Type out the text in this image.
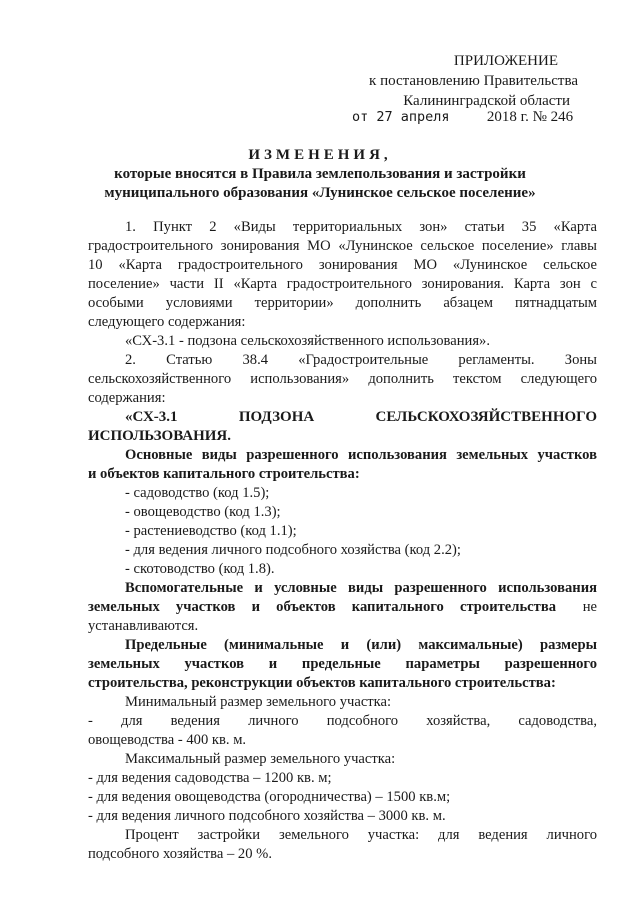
ПРИЛОЖЕНИЕ
к постановлению Правительства
Калининградской области
от 27 апреля 2018 г. № 246
ИЗМЕНЕНИЯ,
которые вносятся в Правила землепользования и застройки
муниципального образования «Лунинское сельское поселение»
1. Пункт 2 «Виды территориальных зон» статьи 35 «Карта
градостроительного зонирования МО «Лунинское сельское поселение» главы
10 «Карта градостроительного зонирования МО «Лунинское сельское
поселение» части II «Карта градостроительного зонирования. Карта зон с
особыми условиями территории» дополнить абзацем пятнадцатым
следующего содержания:
«СХ-3.1 - подзона сельскохозяйственного использования».
2. Статью 38.4 «Градостроительные регламенты. Зоны
сельскохозяйственного использования» дополнить текстом следующего
содержания:
«СХ-3.1 ПОДЗОНА СЕЛЬСКОХОЗЯЙСТВЕННОГО
ИСПОЛЬЗОВАНИЯ.
Основные виды разрешенного использования земельных участков
и объектов капитального строительства:
- садоводство (код 1.5);
- овощеводство (код 1.3);
- растениеводство (код 1.1);
- для ведения личного подсобного хозяйства (код 2.2);
- скотоводство (код 1.8).
Вспомогательные и условные виды разрешенного использования
земельных участков и объектов капитального строительства не
устанавливаются.
Предельные (минимальные и (или) максимальные) размеры
земельных участков и предельные параметры разрешенного
строительства, реконструкции объектов капитального строительства:
Минимальный размер земельного участка:
- для ведения личного подсобного хозяйства, садоводства,
овощеводства - 400 кв. м.
Максимальный размер земельного участка:
- для ведения садоводства – 1200 кв. м;
- для ведения овощеводства (огородничества) – 1500 кв.м;
- для ведения личного подсобного хозяйства – 3000 кв. м.
Процент застройки земельного участка: для ведения личного
подсобного хозяйства – 20 %.
